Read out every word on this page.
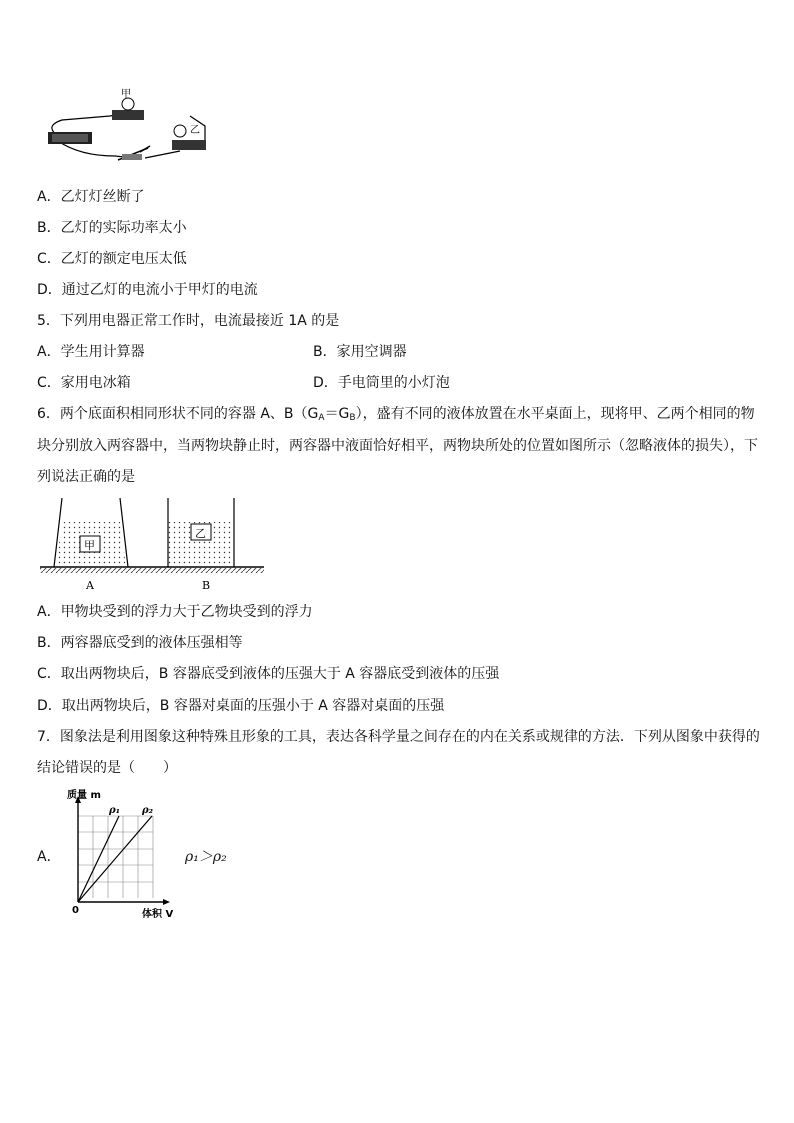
甲
乙
A．乙灯灯丝断了
B．乙灯的实际功率太小
C．乙灯的额定电压太低
D．通过乙灯的电流小于甲灯的电流
5．下列用电器正常工作时，电流最接近 1A 的是
A．学生用计算器	B．家用空调器
C．家用电冰箱	D．手电筒里的小灯泡
6．两个底面积相同形状不同的容器 A、$B(G_A=G_B)$，盛有不同的液体放置在水平桌面上，现将甲、乙两个相同的物
块分别放入两容器中，当两物块静止时，两容器中液面恰好相平，两物块所处的位置如图所示（忽略液体的损失），下
列说法正确的是
甲
乙
A	B
A．甲物块受到的浮力大于乙物块受到的浮力
B．两容器底受到的液体压强相等
C．取出两物块后，B 容器底受到液体的压强大于 A 容器底受到液体的压强
D．取出两物块后，B 容器对桌面的压强小于 A 容器对桌面的压强
7．图象法是利用图象这种特殊且形象的工具，表达各科学量之间存在的内在关系或规律的方法．下列从图象中获得的
结论错误的是（　　）
A．
质量 m
ρ₁ ρ₂
0	体积 V
ρ₁＞ρ₂
